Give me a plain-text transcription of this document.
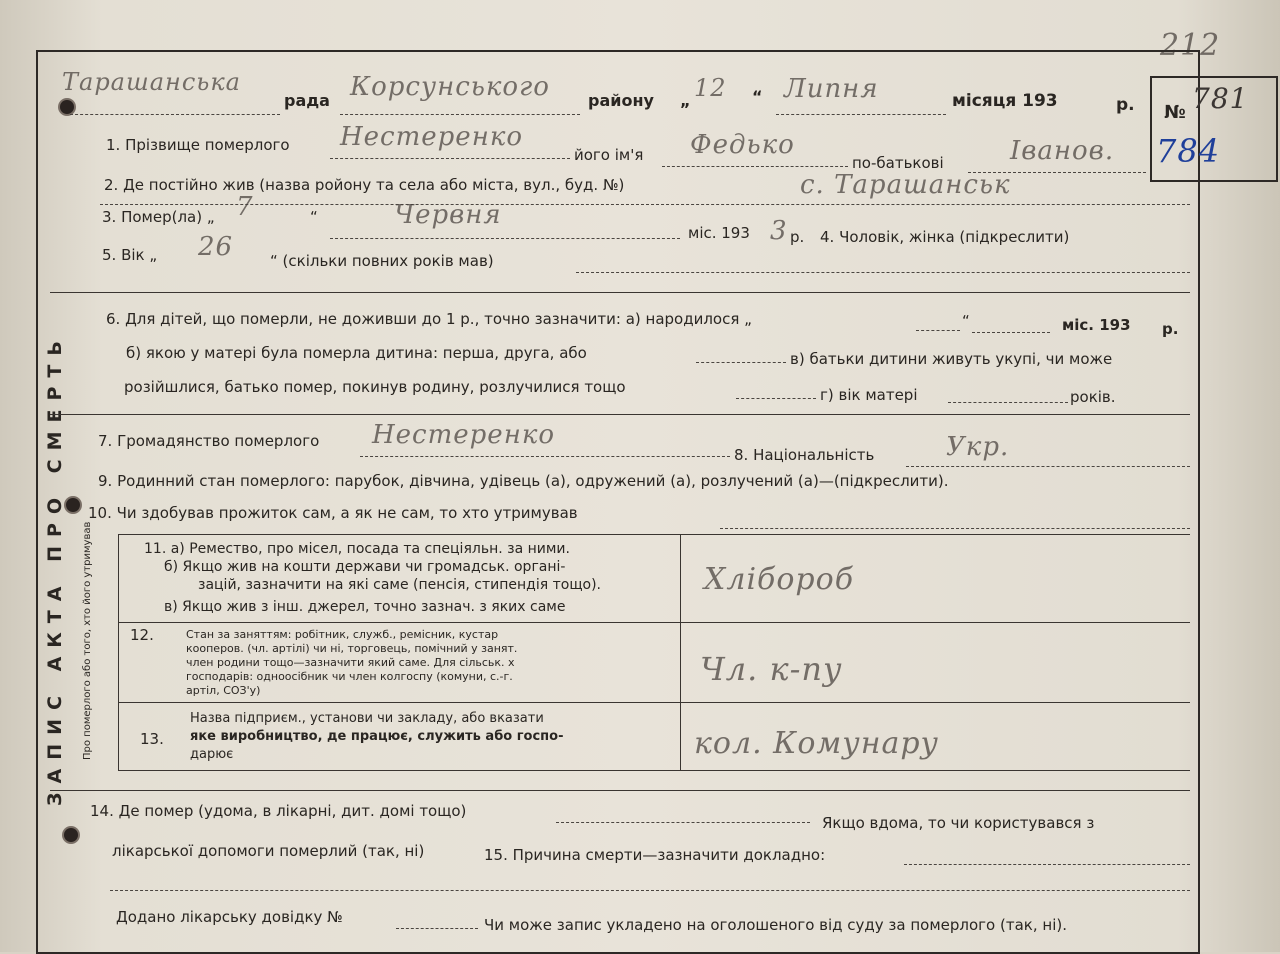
212
ЗАПИС АКТА ПРО СМЕРТЬ Про померлого або того, хто його утримував
Тарашанська
рада Корсунського району „ 12 “ Липня	місяця 193	р. № 781
784
1. Прізвище померлого Нестеренко
його ім'я Федько
по-батькові	Іванов.
2. Де постійно жив (назва ройону та села або міста, вул., буд. №)	с. Тарашанськ
3. Помер(ла) „ 7	“	Червня
міс. 193 3 р. 4. Чоловік, жінка (підкреслити)
5. Вік „ 26 “ (скільки повних років мав)
6. Для дітей, що померли, не доживши до 1 р., точно зазначити: а) народилося „	“	міс. 193 р.
б) якою у матері була померла дитина: перша, друга, або	в) батьки дитини живуть укупі, чи може
розійшлися, батько помер, покинув родину, розлучилися тощо	г) вік матері	років.
7. Громадянство померлого Нестеренко
8. Національність	Укр.
9. Родинний стан померлого: парубок, дівчина, удівець (а), одружений (а), розлучений (а)—(підкреслити).
10. Чи здобував прожиток сам, а як не сам, то хто утримував
11. а) Ремество, про місел, посада та спеціяльн. за ними.
б) Якщо жив на кошти держави чи громадськ. органі-
зацій, зазначити на які саме (пенсія, стипендія тощо).
в) Якщо жив з інш. джерел, точно зазнач. з яких саме
Хлібороб
12.	Стан за заняттям: робітник, служб., ремісник, кустар
кооперов. (чл. артілі) чи ні, торговець, помічний у занят.
член родини тощо—зазначити який саме. Для сільськ. х
господарів: одноосібник чи член колгоспу (комуни, с.-г.
артіл, СОЗ'у)
Чл. к-пу
13.
Назва підприєм., установи чи закладу, або вказати
яке виробництво, де працює, служить або госпо-
дарює	кол. Комунару
14. Де помер (удома, в лікарні, дит. домі тощо)
Якщо вдома, то чи користувався з
лікарської допомоги померлий (так, ні)	15. Причина смерти—зазначити докладно:
Додано лікарську довідку №	Чи може запис укладено на оголошеного від суду за померлого (так, ні).
